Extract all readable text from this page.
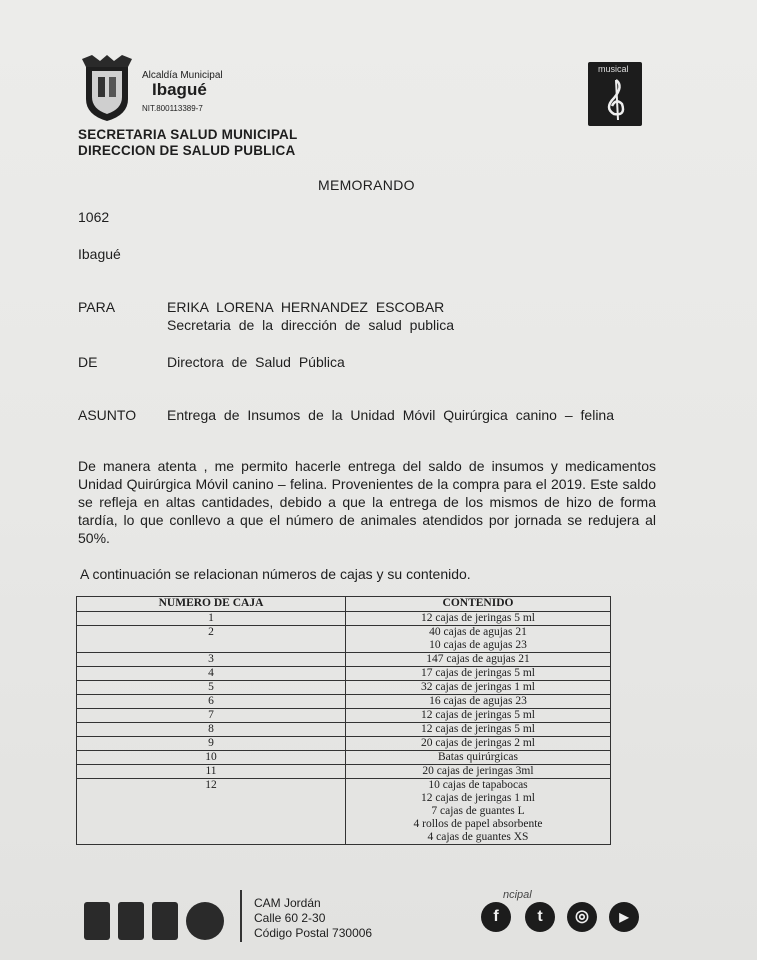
Alcaldía Municipal
Ibagué
NIT.800113389-7
SECRETARIA SALUD MUNICIPAL
DIRECCION DE SALUD PUBLICA
musical
MEMORANDO
1062
Ibagué
PARA	ERIKA LORENA HERNANDEZ ESCOBAR
Secretaria de la dirección de salud publica
DE	Directora de Salud Pública
ASUNTO Entrega de Insumos de la Unidad Móvil Quirúrgica canino – felina
De manera atenta , me permito hacerle entrega del saldo de insumos y medicamentos Unidad Quirúrgica Móvil canino – felina. Provenientes de la compra para el 2019. Este saldo se refleja en altas cantidades, debido a que la entrega de los mismos de hizo de forma tardía, lo que conllevo a que el número de animales atendidos por jornada se redujera al 50%.
A continuación se relacionan números de cajas y su contenido.
NUMERO DE CAJA	CONTENIDO
1	12 cajas de jeringas 5 ml

2	40 cajas de agujas 21
10 cajas de agujas 23

3	147 cajas de agujas 21

4	17 cajas de jeringas 5 ml

5	32 cajas de jeringas 1 ml

6	16 cajas de agujas 23

7	12 cajas de jeringas 5 ml

8	12 cajas de jeringas 5 ml

9	20 cajas de jeringas 2 ml

10	Batas quirúrgicas

11	20 cajas de jeringas 3ml

12	10 cajas de tapabocas
12 cajas de jeringas 1 ml
7 cajas de guantes L
4 rollos de papel absorbente
4 cajas de guantes XS
CAM Jordán
Calle 60 2-30
Código Postal 730006
ncipal
f	t	◎	▶
